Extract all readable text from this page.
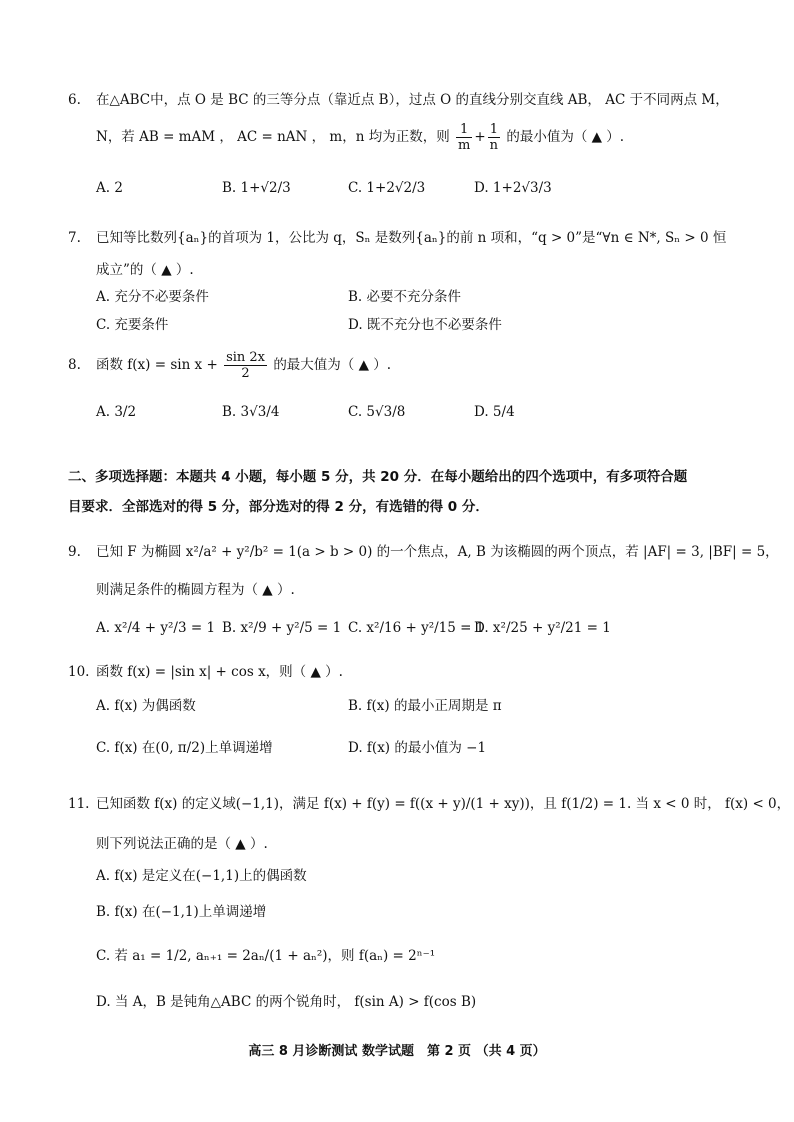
6. 在△ABC中，点 O 是 BC 的三等分点（靠近点 B），过点 O 的直线分别交直线 AB， AC 于不同两点 M，
N，若 AB = mAM ， AC = nAN ， m，n 均为正数，则 $\frac{1}{m} + \frac{1}{n}$ 的最小值为（ ▲ ）.
A. 2	B. 1+√2/3	C. 1+2√2/3	D. 1+2√3/3
7. 已知等比数列{aₙ}的首项为 1，公比为 q，Sₙ 是数列{aₙ}的前 n 项和，“q > 0”是“∀n ∈ N*, Sₙ > 0 恒
成立”的（ ▲ ）.
A. 充分不必要条件	B. 必要不充分条件
C. 充要条件	D. 既不充分也不必要条件
8. 函数 $f(x) = \sin x + \frac{\sin 2x}{2}$ 的最大值为（ ▲ ）.
A. 3/2	B. 3√3/4	C. 5√3/8	D. 5/4
二、多项选择题：本题共 4 小题，每小题 5 分，共 20 分．在每小题给出的四个选项中，有多项符合题
目要求．全部选对的得 5 分，部分选对的得 2 分，有选错的得 0 分．
9. 已知 F 为椭圆 x²/a² + y²/b² = 1(a > b > 0) 的一个焦点，A, B 为该椭圆的两个顶点，若 |AF| = 3, |BF| = 5，
则满足条件的椭圆方程为（ ▲ ）.
A. x²/4 + y²/3 = 1 B. x²/9 + y²/5 = 1 C. x²/16 + y²/15 = 1
D. x²/25 + y²/21 = 1
10. 函数 f(x) = |sin x| + cos x，则（ ▲ ）.
A. f(x) 为偶函数	B. f(x) 的最小正周期是 π
C. f(x) 在(0, π/2)上单调递增	D. f(x) 的最小值为 −1
11. 已知函数 f(x) 的定义域(−1,1)，满足 f(x) + f(y) = f((x + y)/(1 + xy))，且 f(1/2) = 1. 当 x < 0 时， f(x) < 0，
则下列说法正确的是（ ▲ ）.
A. f(x) 是定义在(−1,1)上的偶函数
B. f(x) 在(−1,1)上单调递增
C. 若 a₁ = 1/2, aₙ₊₁ = 2aₙ/(1 + aₙ²)，则 f(aₙ) = 2ⁿ⁻¹
D. 当 A，B 是钝角△ABC 的两个锐角时， f(sin A) > f(cos B)
高三 8 月诊断测试 数学试题　第 2 页 （共 4 页）
